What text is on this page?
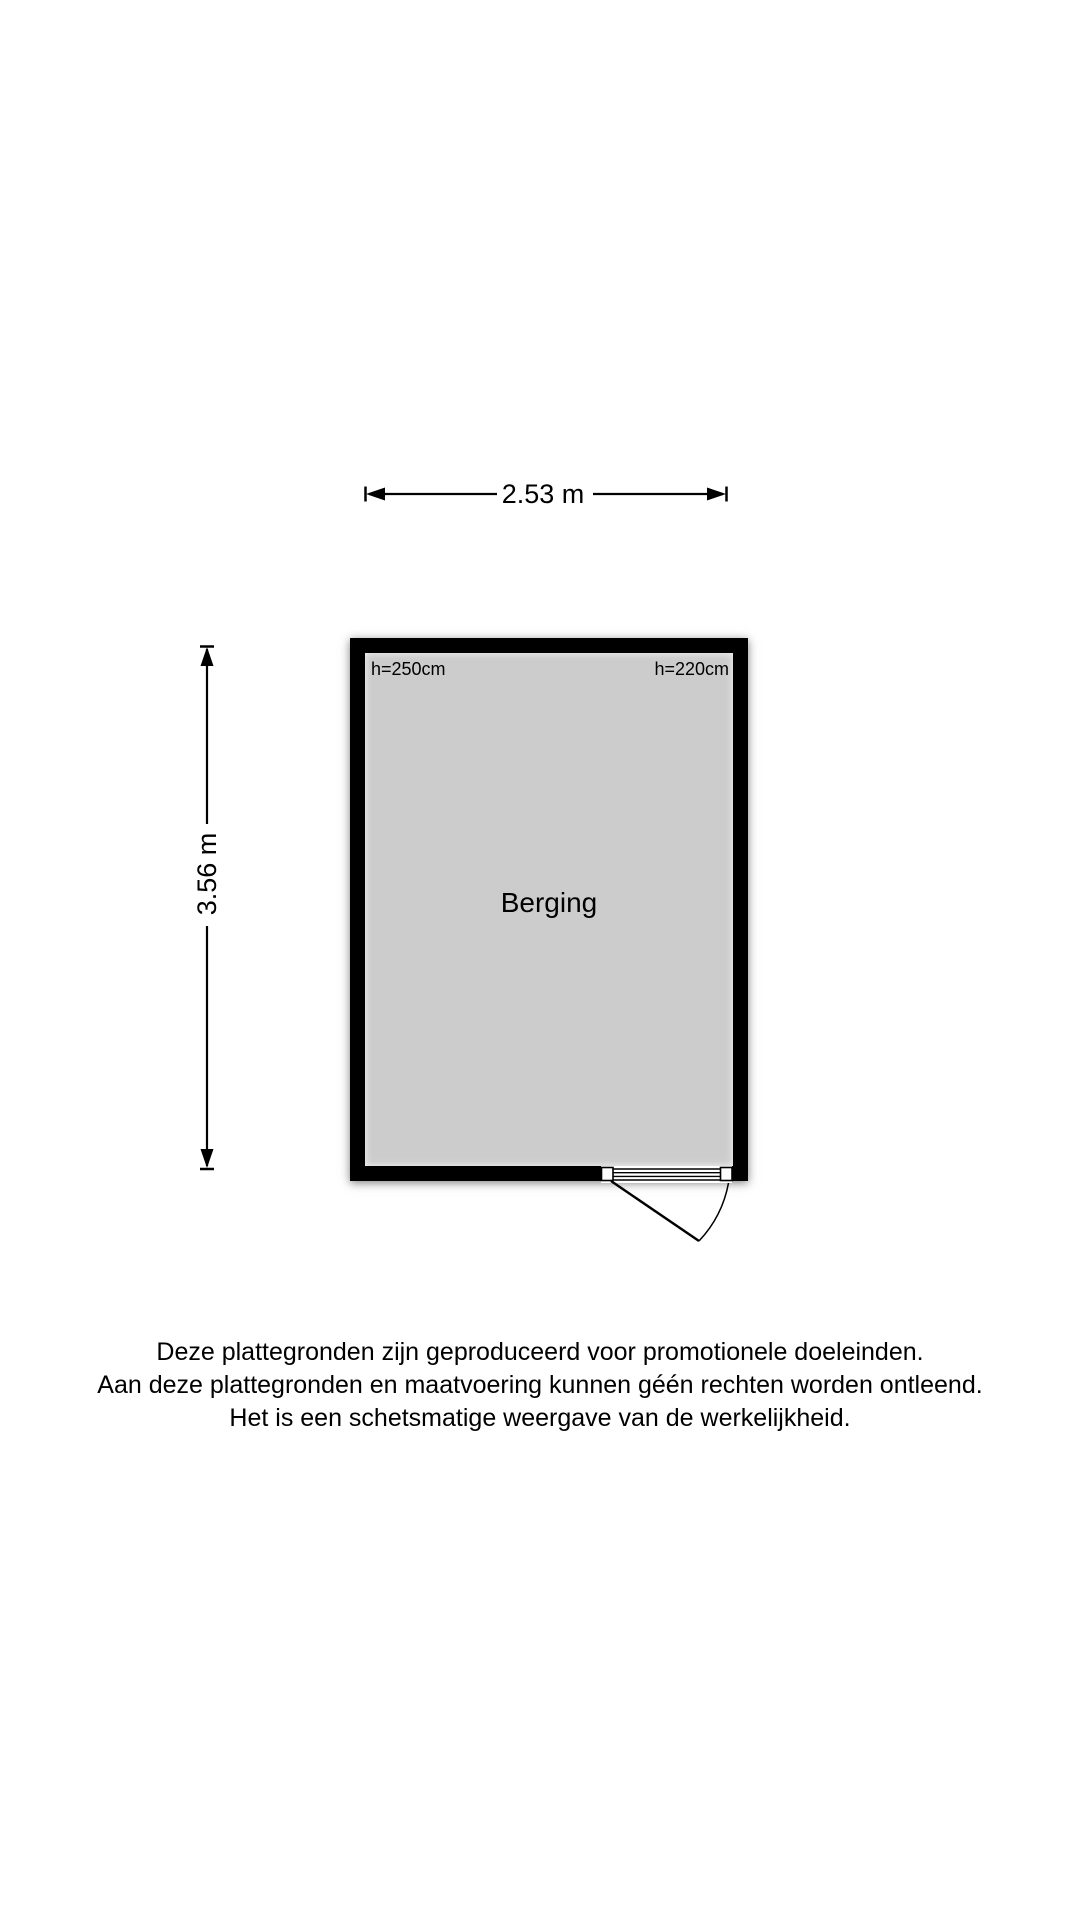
2.53 m
3.56 m
h=250cm	h=220cm
Berging
Deze plattegronden zijn geproduceerd voor promotionele doeleinden.
Aan deze plattegronden en maatvoering kunnen géén rechten worden ontleend.
Het is een schetsmatige weergave van de werkelijkheid.
